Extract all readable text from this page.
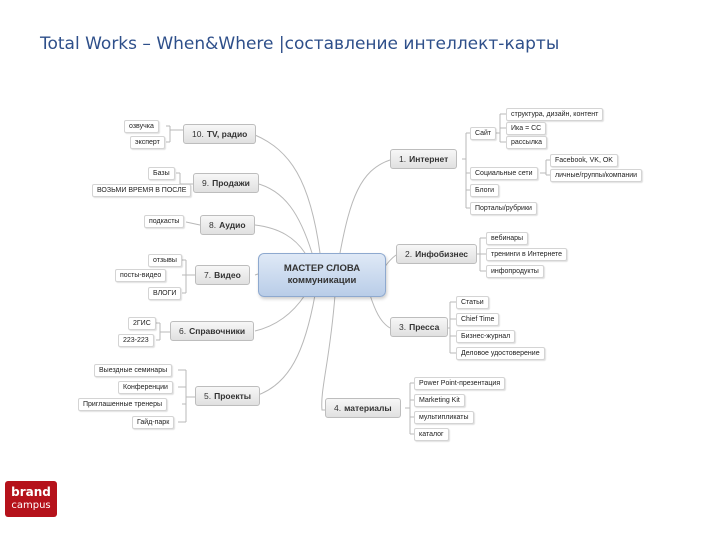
Total Works – When&Where |составление интеллект-карты
МАСТЕР СЛОВА
коммуникации
10. TV, радио
9. Продажи
8. Аудио
7. Видео
6. Справочники
5. Проекты
1. Интернет
2. Инфобизнес
3. Пресса
4. материалы
озвучка
эксперт
Базы
ВОЗЬМИ ВРЕМЯ В ПОСЛЕ
подкасты
отзывы
посты-видео
ВЛОГИ
2ГИС
223-223
Выездные семинары
Конференции
Приглашенные тренеры
Гайд-парк
Сайт
структура, дизайн, контент
Ика = СС
рассылка
Социальные сети
Facebook, VK, OK
личные/группы/компании
Блоги
Порталы/рубрики
вебинары
тренинги в Интернете
инфопродукты
Статьи
Chief Time
Бизнес-журнал
Деловое удостоверение
Power Point-презентация
Marketing Kit
мультипликаты
каталог
brand
campus
